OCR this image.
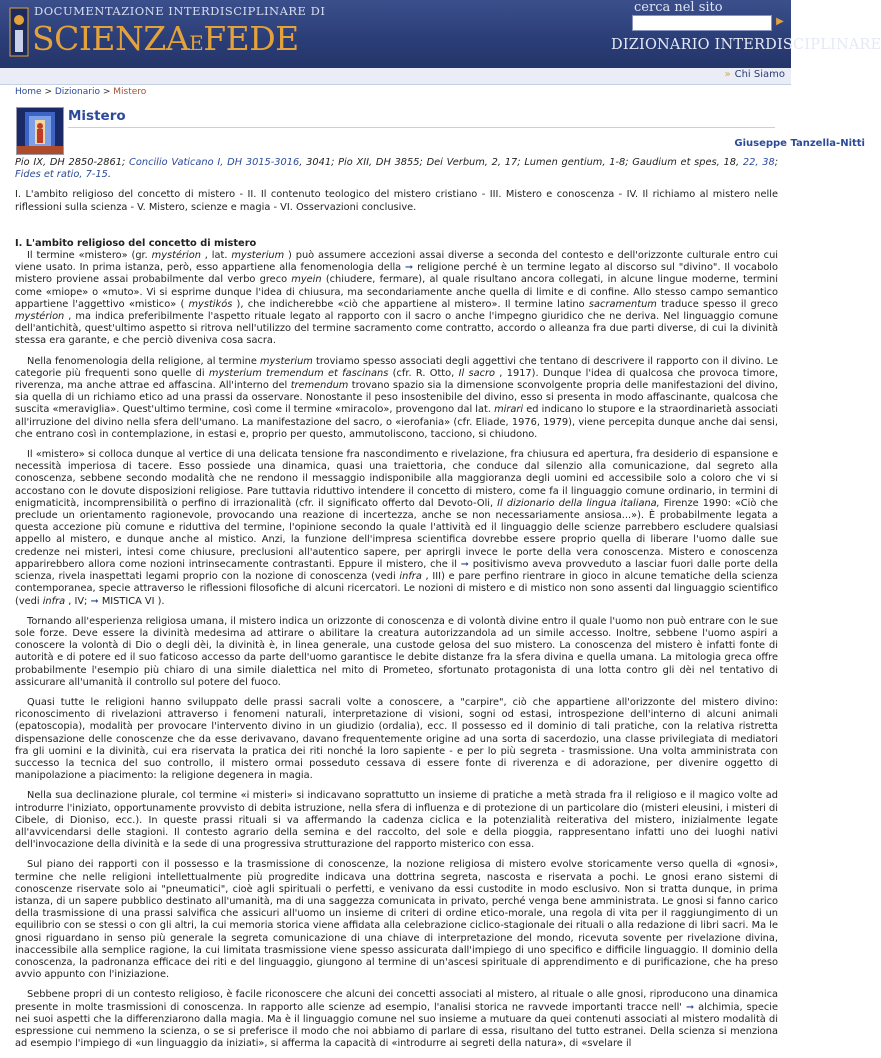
DOCUMENTAZIONE INTERDISCIPLINARE DI
SCIENZAEFEDE
cerca nel sito
▶
DIZIONARIO INTERDISCIPLINARE
» Chi Siamo
Home > Dizionario > Mistero
Mistero
Giuseppe Tanzella-Nitti

Pio IX, DH 2850-2861; Concilio Vaticano I, DH 3015-3016, 3041; Pio XII, DH 3855; Dei Verbum, 2, 17; Lumen gentium, 1-8; Gaudium et spes, 18, 22, 38; Fides et ratio, 7-15.

I. L'ambito religioso del concetto di mistero - II. Il contenuto teologico del mistero cristiano - III. Mistero e conoscenza - IV. Il richiamo al mistero nelle riflessioni sulla scienza - V. Mistero, scienze e magia - VI. Osservazioni conclusive.

I. L'ambito religioso del concetto di mistero

Il termine «mistero» (gr. mystérion , lat. mysterium ) può assumere accezioni assai diverse a seconda del contesto e dell'orizzonte culturale entro cui viene usato. In prima istanza, però, esso appartiene alla fenomenologia della ➞ religione perché è un termine legato al discorso sul "divino". Il vocabolo mistero proviene assai probabilmente dal verbo greco myein (chiudere, fermare), al quale risultano ancora collegati, in alcune lingue moderne, termini come «miope» o «muto». Vi si esprime dunque l'idea di chiusura, ma secondariamente anche quella di limite e di confine. Allo stesso campo semantico appartiene l'aggettivo «mistico» ( mystikós ), che indicherebbe «ciò che appartiene al mistero». Il termine latino sacramentum traduce spesso il greco mystérion , ma indica preferibilmente l'aspetto rituale legato al rapporto con il sacro o anche l'impegno giuridico che ne deriva. Nel linguaggio comune dell'antichità, quest'ultimo aspetto si ritrova nell'utilizzo del termine sacramento come contratto, accordo o alleanza fra due parti diverse, di cui la divinità stessa era garante, e che perciò diveniva cosa sacra.

Nella fenomenologia della religione, al termine mysterium troviamo spesso associati degli aggettivi che tentano di descrivere il rapporto con il divino. Le categorie più frequenti sono quelle di mysterium tremendum et fascinans (cfr. R. Otto, Il sacro , 1917). Dunque l'idea di qualcosa che provoca timore, riverenza, ma anche attrae ed affascina. All'interno del tremendum trovano spazio sia la dimensione sconvolgente propria delle manifestazioni del divino, sia quella di un richiamo etico ad una prassi da osservare. Nonostante il peso insostenibile del divino, esso si presenta in modo affascinante, qualcosa che suscita «meraviglia». Quest'ultimo termine, così come il termine «miracolo», provengono dal lat. mirari ed indicano lo stupore e la straordinarietà associati all'irruzione del divino nella sfera dell'umano. La manifestazione del sacro, o «ierofania» (cfr. Eliade, 1976, 1979), viene percepita dunque anche dai sensi, che entrano così in contemplazione, in estasi e, proprio per questo, ammutoliscono, tacciono, si chiudono.

Il «mistero» si colloca dunque al vertice di una delicata tensione fra nascondimento e rivelazione, fra chiusura ed apertura, fra desiderio di espansione e necessità imperiosa di tacere. Esso possiede una dinamica, quasi una traiettoria, che conduce dal silenzio alla comunicazione, dal segreto alla conoscenza, sebbene secondo modalità che ne rendono il messaggio indisponibile alla maggioranza degli uomini ed accessibile solo a coloro che vi si accostano con le dovute disposizioni religiose. Pare tuttavia riduttivo intendere il concetto di mistero, come fa il linguaggio comune ordinario, in termini di enigmaticità, incomprensibilità o perfino di irrazionalità (cfr. il significato offerto dal Devoto-Oli, Il dizionario della lingua italiana, Firenze 1990: «Ciò che preclude un orientamento ragionevole, provocando una reazione di incertezza, anche se non necessariamente ansiosa...»). È probabilmente legata a questa accezione più comune e riduttiva del termine, l'opinione secondo la quale l'attività ed il linguaggio delle scienze parrebbero escludere qualsiasi appello al mistero, e dunque anche al mistico. Anzi, la funzione dell'impresa scientifica dovrebbe essere proprio quella di liberare l'uomo dalle sue credenze nei misteri, intesi come chiusure, preclusioni all'autentico sapere, per aprirgli invece le porte della vera conoscenza. Mistero e conoscenza apparirebbero allora come nozioni intrinsecamente contrastanti. Eppure il mistero, che il ➞ positivismo aveva provveduto a lasciar fuori dalle porte della scienza, rivela inaspettati legami proprio con la nozione di conoscenza (vedi infra , III) e pare perfino rientrare in gioco in alcune tematiche della scienza contemporanea, specie attraverso le riflessioni filosofiche di alcuni ricercatori. Le nozioni di mistero e di mistico non sono assenti dal linguaggio scientifico (vedi infra , IV; ➞ MISTICA VI ).

Tornando all'esperienza religiosa umana, il mistero indica un orizzonte di conoscenza e di volontà divine entro il quale l'uomo non può entrare con le sue sole forze. Deve essere la divinità medesima ad attirare o abilitare la creatura autorizzandola ad un simile accesso. Inoltre, sebbene l'uomo aspiri a conoscere la volontà di Dio o degli dèi, la divinità è, in linea generale, una custode gelosa del suo mistero. La conoscenza del mistero è infatti fonte di autorità e di potere ed il suo faticoso accesso da parte dell'uomo garantisce le debite distanze fra la sfera divina e quella umana. La mitologia greca offre probabilmente l'esempio più chiaro di una simile dialettica nel mito di Prometeo, sfortunato protagonista di una lotta contro gli dèi nel tentativo di assicurare all'umanità il controllo sul potere del fuoco.

Quasi tutte le religioni hanno sviluppato delle prassi sacrali volte a conoscere, a "carpire", ciò che appartiene all'orizzonte del mistero divino: riconoscimento di rivelazioni attraverso i fenomeni naturali, interpretazione di visioni, sogni od estasi, introspezione dell'interno di alcuni animali (epatoscopia), modalità per provocare l'intervento divino in un giudizio (ordalia), ecc. Il possesso ed il dominio di tali pratiche, con la relativa ristretta dispensazione delle conoscenze che da esse derivavano, davano frequentemente origine ad una sorta di sacerdozio, una classe privilegiata di mediatori fra gli uomini e la divinità, cui era riservata la pratica dei riti nonché la loro sapiente - e per lo più segreta - trasmissione. Una volta amministrata con successo la tecnica del suo controllo, il mistero ormai posseduto cessava di essere fonte di riverenza e di adorazione, per divenire oggetto di manipolazione a piacimento: la religione degenera in magia.

Nella sua declinazione plurale, col termine «i misteri» si indicavano soprattutto un insieme di pratiche a metà strada fra il religioso e il magico volte ad introdurre l'iniziato, opportunamente provvisto di debita istruzione, nella sfera di influenza e di protezione di un particolare dio (misteri eleusini, i misteri di Cibele, di Dioniso, ecc.). In queste prassi rituali si va affermando la cadenza ciclica e la potenzialità reiterativa del mistero, inizialmente legate all'avvicendarsi delle stagioni. Il contesto agrario della semina e del raccolto, del sole e della pioggia, rappresentano infatti uno dei luoghi nativi dell'invocazione della divinità e la sede di una progressiva strutturazione del rapporto misterico con essa.

Sul piano dei rapporti con il possesso e la trasmissione di conoscenze, la nozione religiosa di mistero evolve storicamente verso quella di «gnosi», termine che nelle religioni intellettualmente più progredite indicava una dottrina segreta, nascosta e riservata a pochi. Le gnosi erano sistemi di conoscenze riservate solo ai "pneumatici", cioè agli spirituali o perfetti, e venivano da essi custodite in modo esclusivo. Non si tratta dunque, in prima istanza, di un sapere pubblico destinato all'umanità, ma di una saggezza comunicata in privato, perché venga bene amministrata. Le gnosi si fanno carico della trasmissione di una prassi salvifica che assicuri all'uomo un insieme di criteri di ordine etico-morale, una regola di vita per il raggiungimento di un equilibrio con se stessi o con gli altri, la cui memoria storica viene affidata alla celebrazione ciclico-stagionale dei rituali o alla redazione di libri sacri. Ma le gnosi riguardano in senso più generale la segreta comunicazione di una chiave di interpretazione del mondo, ricevuta sovente per rivelazione divina, inaccessibile alla semplice ragione, la cui limitata trasmissione viene spesso assicurata dall'impiego di uno specifico e difficile linguaggio. Il dominio della conoscenza, la padronanza efficace dei riti e del linguaggio, giungono al termine di un'ascesi spirituale di apprendimento e di purificazione, che ha preso avvio appunto con l'iniziazione.

Sebbene propri di un contesto religioso, è facile riconoscere che alcuni dei concetti associati al mistero, al rituale o alle gnosi, riproducono una dinamica presente in molte trasmissioni di conoscenza. In rapporto alle scienze ad esempio, l'analisi storica ne ravvede importanti tracce nell' ➞ alchimia, specie nei suoi aspetti che la differenziarono dalla magia. Ma è il linguaggio comune nel suo insieme a mutuare da quei contenuti associati al mistero modalità di espressione cui nemmeno la scienza, o se si preferisce il modo che noi abbiamo di parlare di essa, risultano del tutto estranei. Della scienza si menziona ad esempio l'impiego di «un linguaggio da iniziati», si afferma la capacità di «introdurre ai segreti della natura», di «svelare il
